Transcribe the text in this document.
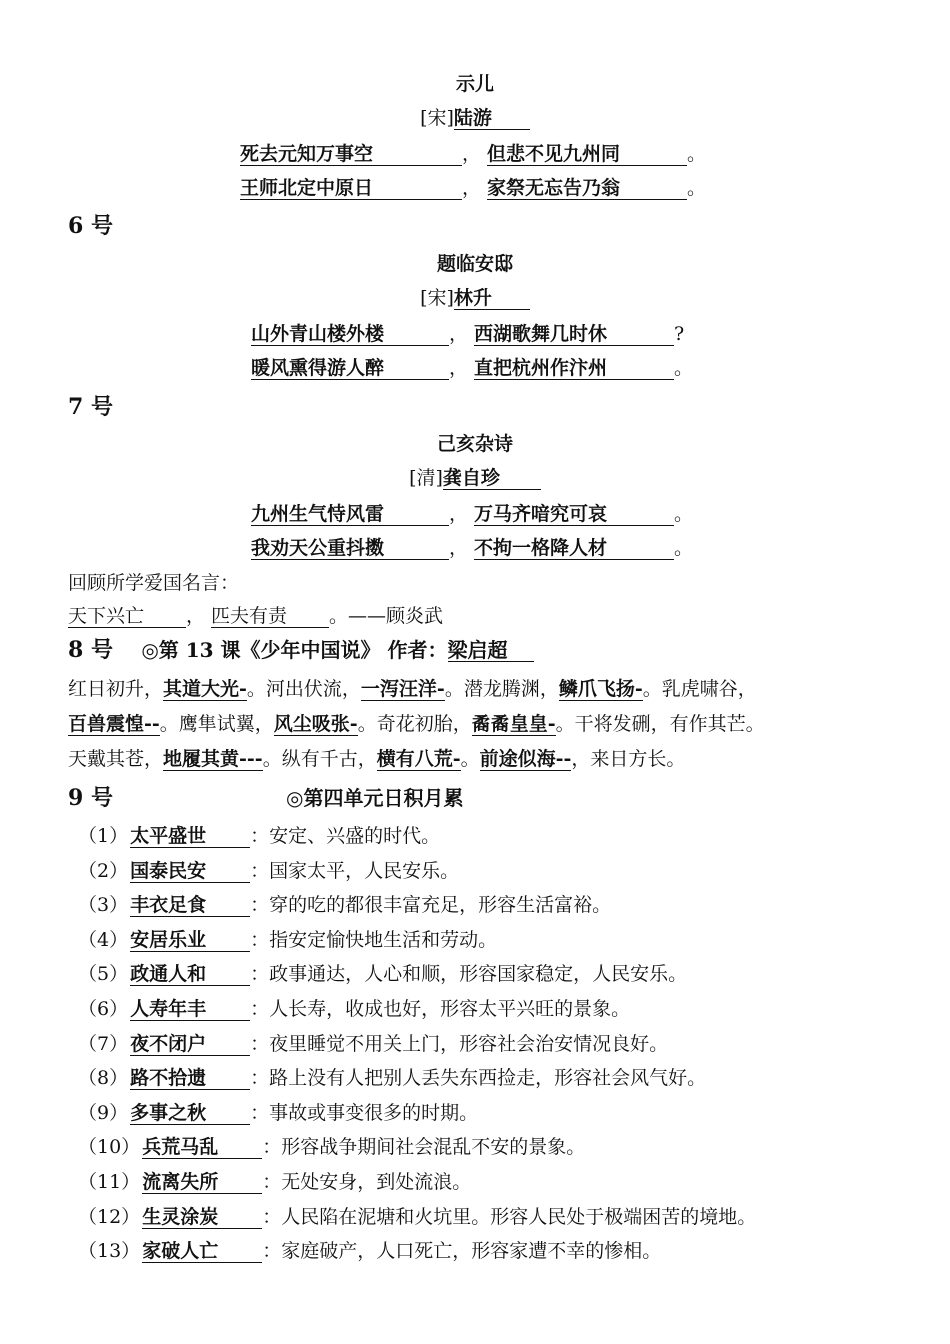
示儿
[宋]陆游
死去元知万事空	， 但悲不见九州同	。
王师北定中原日	， 家祭无忘告乃翁	。
6 号
题临安邸
[宋]林升
山外青山楼外楼	， 西湖歌舞几时休	?
暖风熏得游人醉	， 直把杭州作汴州	。
7 号
己亥杂诗
[清]龚自珍
九州生气恃风雷	， 万马齐喑究可哀	。
我劝天公重抖擞	， 不拘一格降人材	。
回顾所学爱国名言：
天下兴亡 ， 匹夫有责 。——顾炎武
8 号 ◎第 13 课《少年中国说》 作者：梁启超
红日初升，其道大光-。河出伏流，一泻汪洋-。潜龙腾渊，鳞爪飞扬-。乳虎啸谷，
百兽震惶--。鹰隼试翼，风尘吸张-。奇花初胎，矞矞皇皇-。干将发硎，有作其芒。
天戴其苍，地履其黄---。纵有千古，横有八荒-。前途似海--，来日方长。
9 号	◎第四单元日积月累
（1） 太平盛世 ：安定、兴盛的时代。
（2） 国泰民安 ：国家太平，人民安乐。
（3） 丰衣足食 ：穿的吃的都很丰富充足，形容生活富裕。
（4） 安居乐业 ：指安定愉快地生活和劳动。
（5） 政通人和 ：政事通达，人心和顺，形容国家稳定，人民安乐。
（6） 人寿年丰 ：人长寿，收成也好，形容太平兴旺的景象。
（7） 夜不闭户 ：夜里睡觉不用关上门，形容社会治安情况良好。
（8） 路不拾遗 ：路上没有人把别人丢失东西捡走，形容社会风气好。
（9） 多事之秋 ：事故或事变很多的时期。
（10） 兵荒马乱 ：形容战争期间社会混乱不安的景象。
（11） 流离失所 ：无处安身，到处流浪。
（12） 生灵涂炭 ：人民陷在泥塘和火坑里。形容人民处于极端困苦的境地。
（13） 家破人亡 ：家庭破产，人口死亡，形容家遭不幸的惨相。
